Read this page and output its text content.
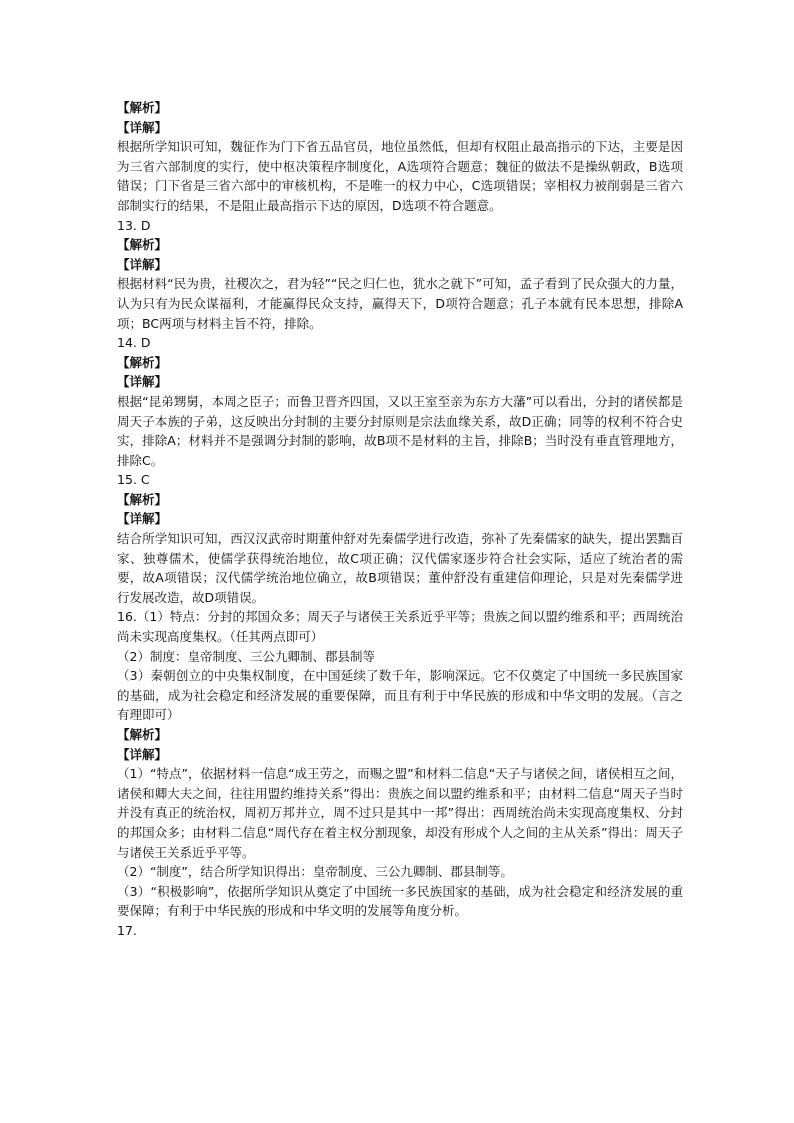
【解析】
【详解】
根据所学知识可知，魏征作为门下省五品官员，地位虽然低，但却有权阻止最高指示的下达，主要是因为三省六部制度的实行，使中枢决策程序制度化，A选项符合题意；魏征的做法不是操纵朝政，B选项错误；门下省是三省六部中的审核机构，不是唯一的权力中心，C选项错误；宰相权力被削弱是三省六部制实行的结果，不是阻止最高指示下达的原因，D选项不符合题意。
13. D
【解析】
【详解】
根据材料“民为贵，社稷次之，君为轻”“民之归仁也，犹水之就下”可知，孟子看到了民众强大的力量，认为只有为民众谋福利，才能赢得民众支持，赢得天下，D项符合题意；孔子本就有民本思想，排除A项；BC两项与材料主旨不符，排除。
14. D
【解析】
【详解】
根据“昆弟甥舅，本周之臣子；而鲁卫晋齐四国，又以王室至亲为东方大藩”可以看出，分封的诸侯都是周天子本族的子弟，这反映出分封制的主要分封原则是宗法血缘关系，故D正确；同等的权利不符合史实，排除A；材料并不是强调分封制的影响，故B项不是材料的主旨，排除B；当时没有垂直管理地方，排除C。
15. C
【解析】
【详解】
结合所学知识可知，西汉汉武帝时期董仲舒对先秦儒学进行改造，弥补了先秦儒家的缺失，提出罢黜百家、独尊儒术，使儒学获得统治地位，故C项正确；汉代儒家逐步符合社会实际，适应了统治者的需要，故A项错误；汉代儒学统治地位确立，故B项错误；董仲舒没有重建信仰理论，只是对先秦儒学进行发展改造，故D项错误。
16.（1）特点：分封的邦国众多；周天子与诸侯王关系近乎平等；贵族之间以盟约维系和平；西周统治尚未实现高度集权。（任其两点即可）
（2）制度：皇帝制度、三公九卿制、郡县制等
（3）秦朝创立的中央集权制度，在中国延续了数千年，影响深远。它不仅奠定了中国统一多民族国家的基础，成为社会稳定和经济发展的重要保障，而且有利于中华民族的形成和中华文明的发展。（言之有理即可）
【解析】
【详解】
（1）“特点”，依据材料一信息“成王劳之，而赐之盟”和材料二信息“天子与诸侯之间，诸侯相互之间，诸侯和卿大夫之间，往往用盟约维持关系”得出：贵族之间以盟约维系和平；由材料二信息“周天子当时并没有真正的统治权，周初万邦并立，周不过只是其中一邦”得出：西周统治尚未实现高度集权、分封的邦国众多；由材料二信息“周代存在着主权分割现象，却没有形成个人之间的主从关系”得出：周天子与诸侯王关系近乎平等。
（2）“制度”，结合所学知识得出：皇帝制度、三公九卿制、郡县制等。
（3）“积极影响”，依据所学知识从奠定了中国统一多民族国家的基础，成为社会稳定和经济发展的重要保障；有利于中华民族的形成和中华文明的发展等角度分析。
17.
